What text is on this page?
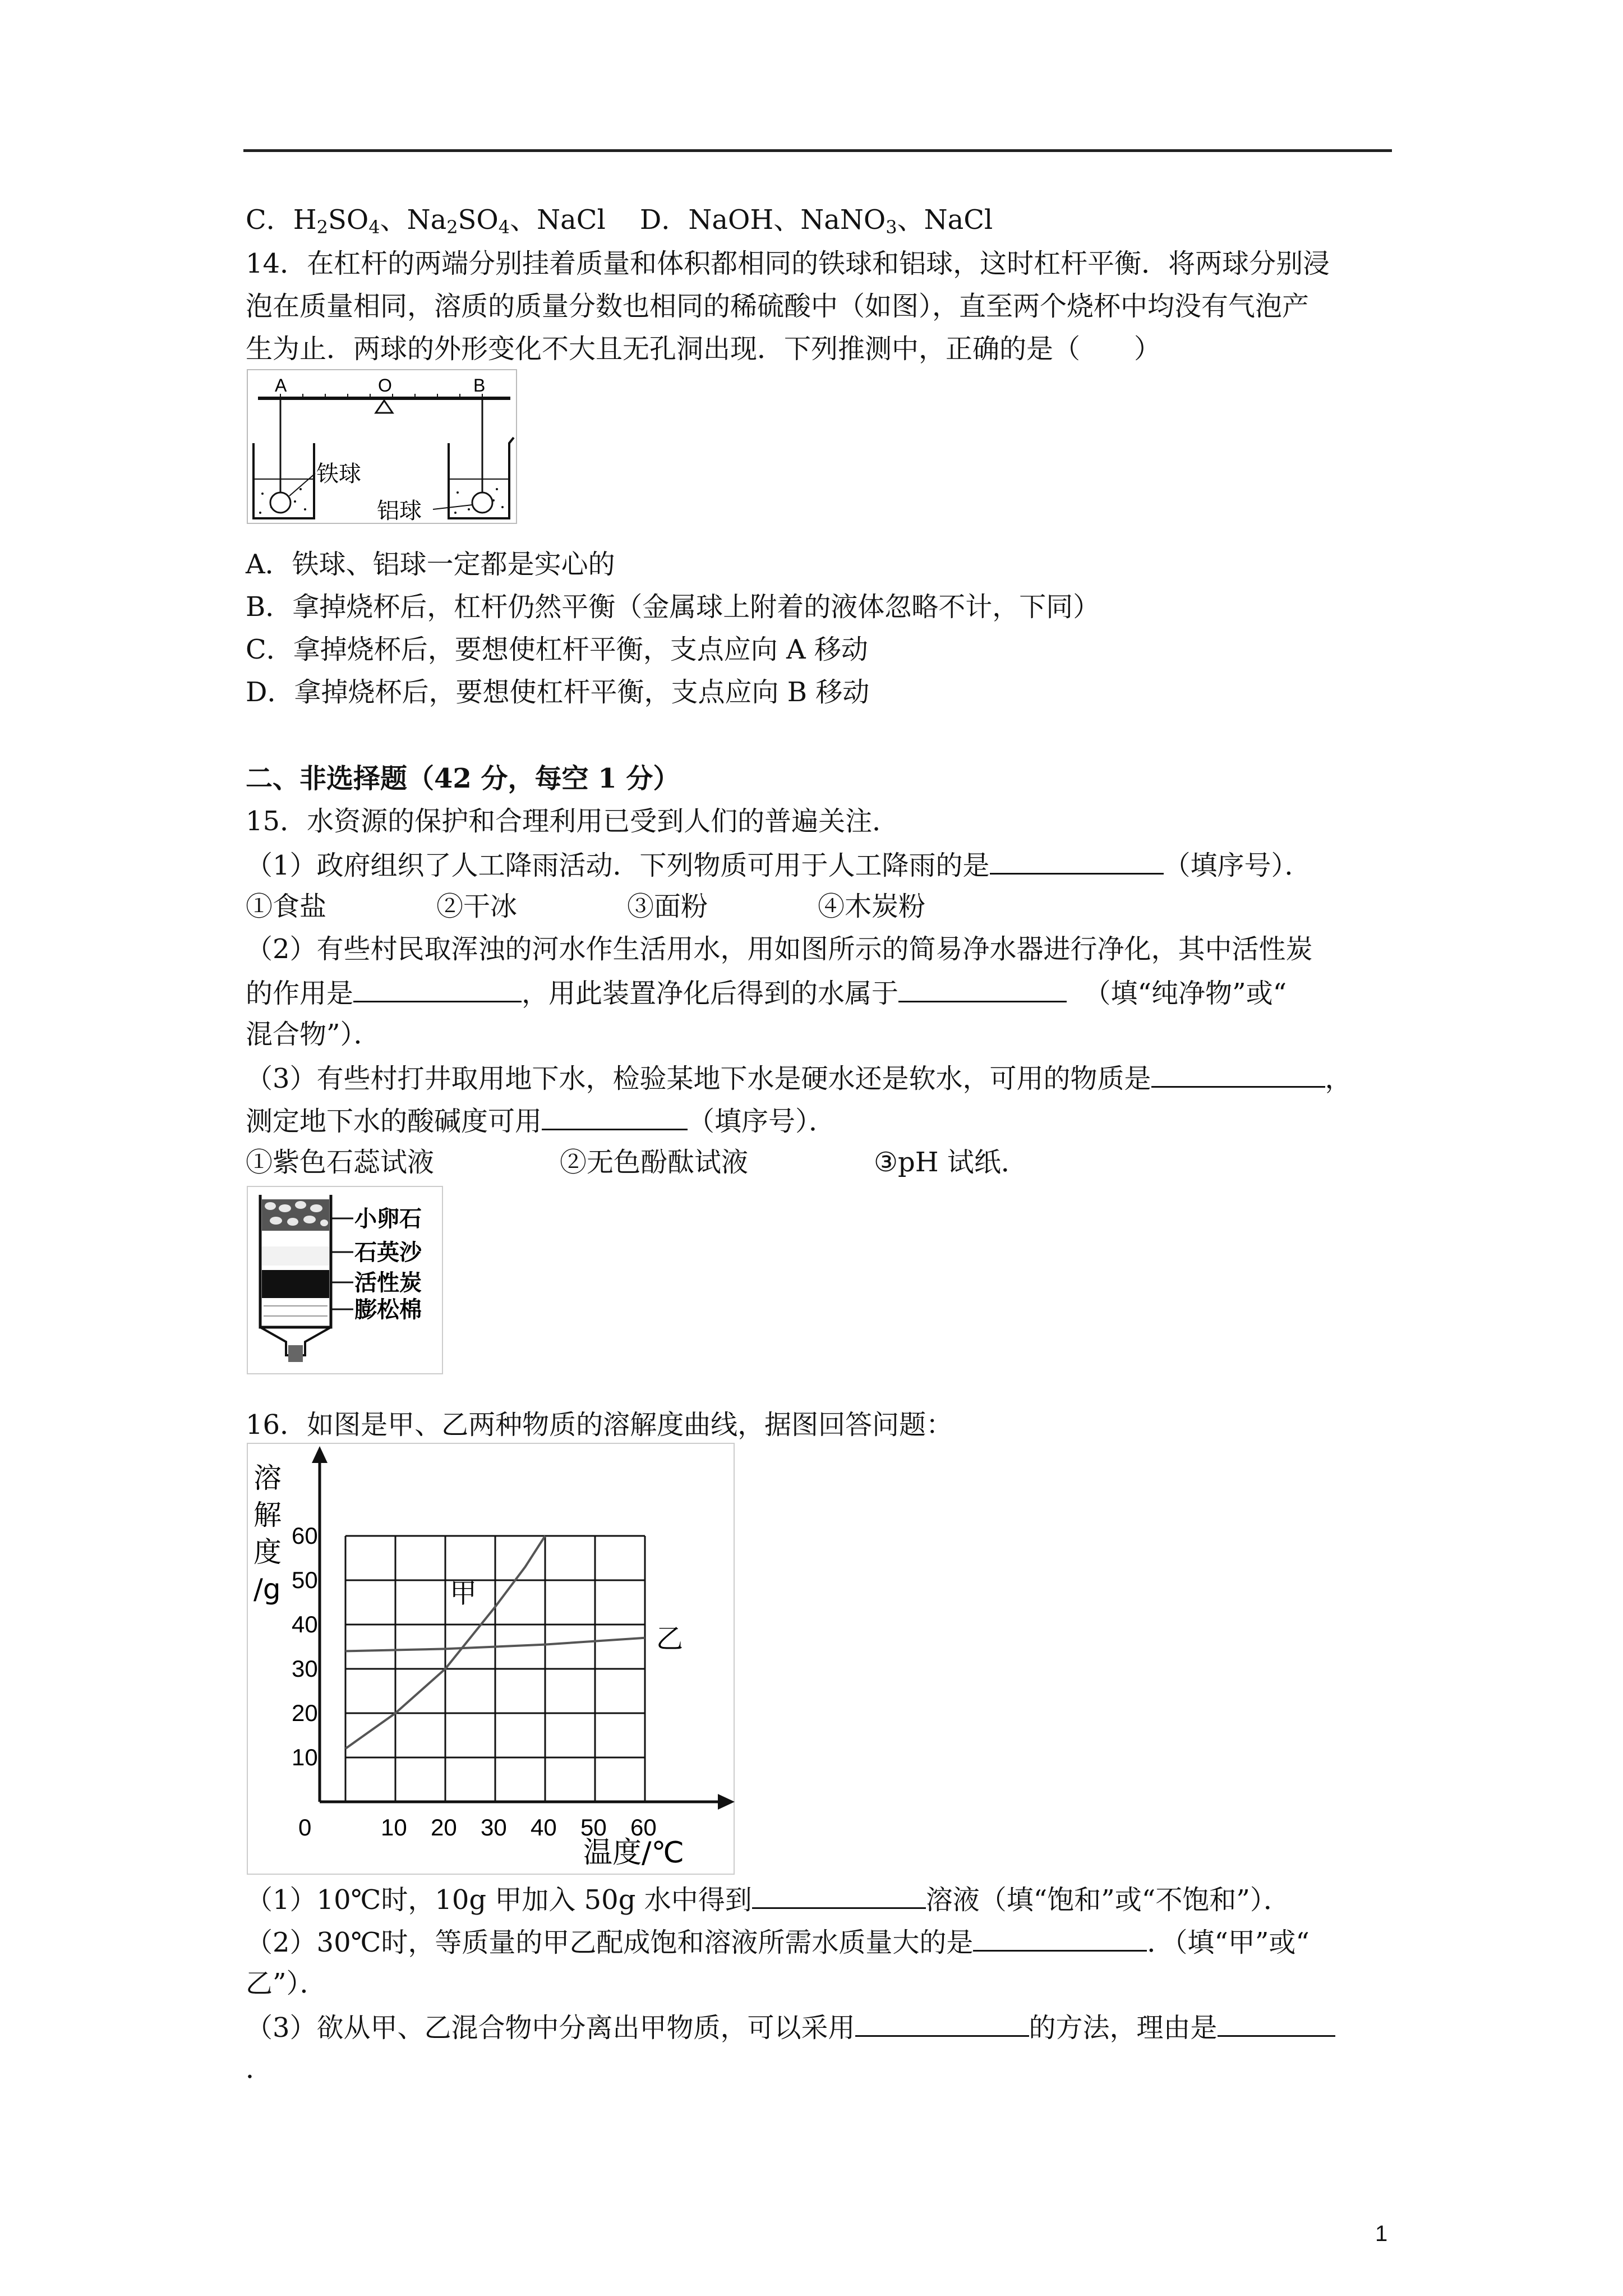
C．$H_2SO_4$、$Na_2SO_4$、NaCl D．NaOH、NaNO$_3$、NaCl
14．在杠杆的两端分别挂着质量和体积都相同的铁球和铝球，这时杠杆平衡．将两球分别浸
泡在质量相同，溶质的质量分数也相同的稀硫酸中（如图），直至两个烧杯中均没有气泡产
生为止．两球的外形变化不大且无孔洞出现．下列推测中，正确的是（　　）
A	O	B
铁球
铝球
A．铁球、铝球一定都是实心的
B．拿掉烧杯后，杠杆仍然平衡（金属球上附着的液体忽略不计，下同）
C．拿掉烧杯后，要想使杠杆平衡，支点应向 A 移动
D．拿掉烧杯后，要想使杠杆平衡，支点应向 B 移动
二、非选择题（42 分，每空 1 分）
15．水资源的保护和合理利用已受到人们的普遍关注．
（1）政府组织了人工降雨活动．下列物质可用于人工降雨的是	（填序号）．
①食盐	②干冰	③面粉	④木炭粉
（2）有些村民取浑浊的河水作生活用水，用如图所示的简易净水器进行净化，其中活性炭
的作用是	，用此装置净化后得到的水属于	（填“纯净物”或“
混合物”）．
（3）有些村打井取用地下水，检验某地下水是硬水还是软水，可用的物质是	，
测定地下水的酸碱度可用	（填序号）．
①紫色石蕊试液	②无色酚酞试液	③pH 试纸．
小卵石
石英沙
活性炭
膨松棉
16．如图是甲、乙两种物质的溶解度曲线，据图回答问题：
0	10 20 30 40 50 60
10
20
30
40
50
60
甲
乙
溶解度/g
温度/℃
（1）10℃时，10g 甲加入 50g 水中得到	溶液（填“饱和”或“不饱和”）．
（2）30℃时，等质量的甲乙配成饱和溶液所需水质量大的是	．（填“甲”或“
乙”）．
（3）欲从甲、乙混合物中分离出甲物质，可以采用	的方法，理由是
．
1
